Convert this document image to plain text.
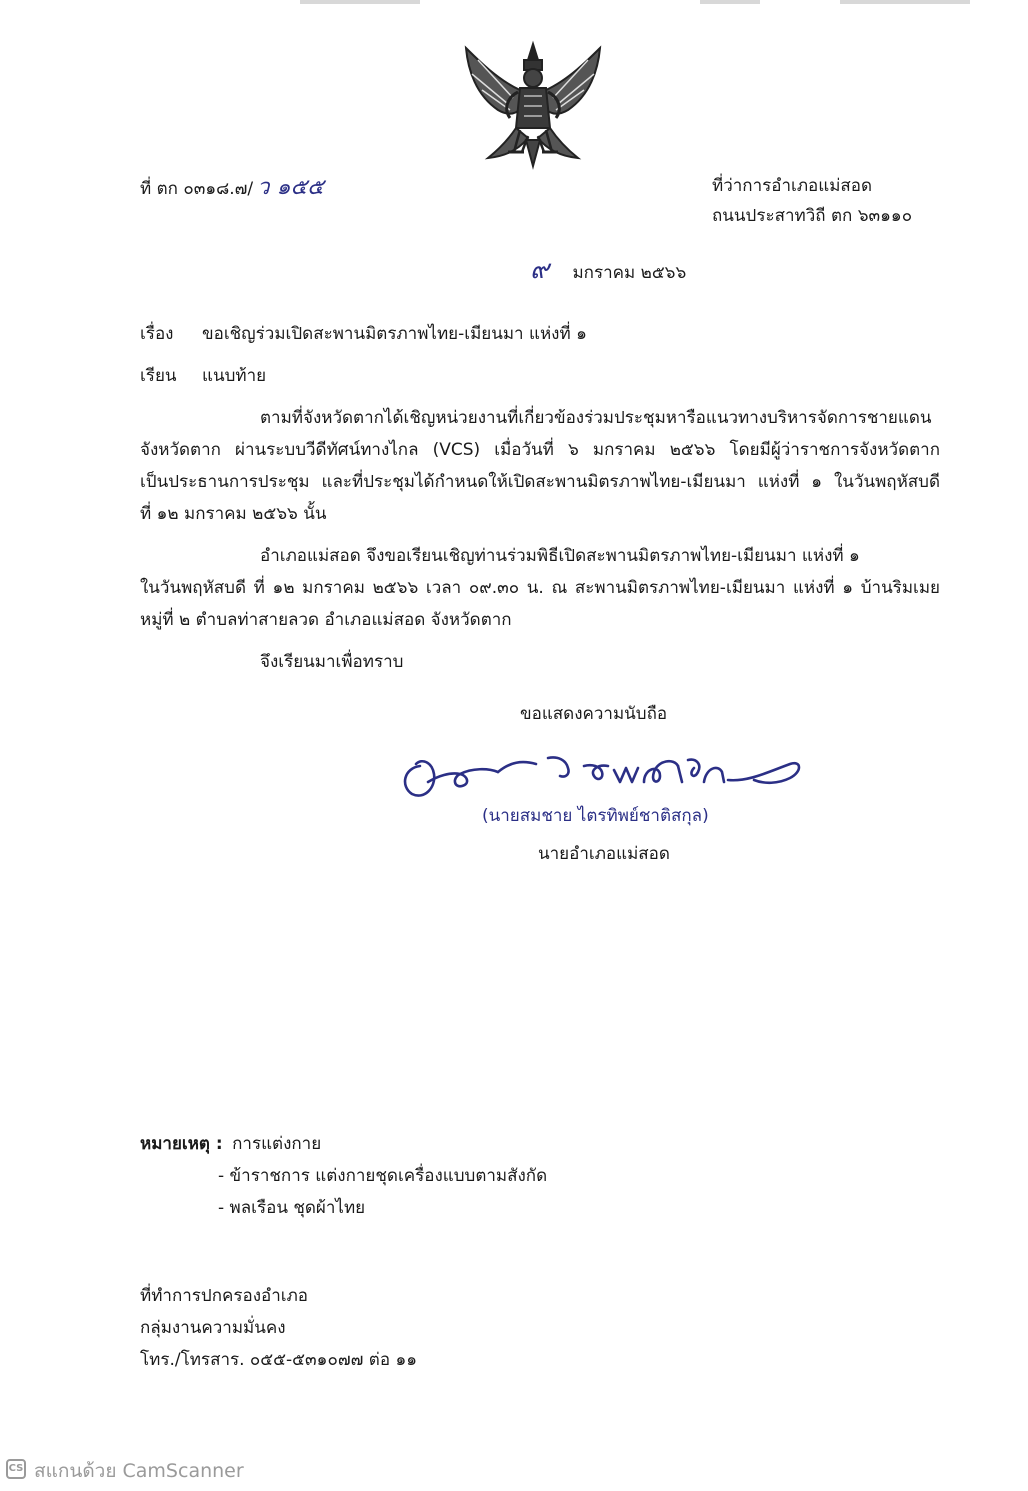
ที่ ตก ๐๓๑๘.๗/ ว ๑๕๕	ที่ว่าการอำเภอแม่สอด
ถนนประสาทวิถี ตก ๖๓๑๑๐
๙ มกราคม ๒๕๖๖
เรื่อง ขอเชิญร่วมเปิดสะพานมิตรภาพไทย-เมียนมา แห่งที่ ๑
เรียน แนบท้าย
ตามที่จังหวัดตากได้เชิญหน่วยงานที่เกี่ยวข้องร่วมประชุมหารือแนวทางบริหารจัดการชายแดน
จังหวัดตาก ผ่านระบบวีดีทัศน์ทางไกล (VCS) เมื่อวันที่ ๖ มกราคม ๒๕๖๖ โดยมีผู้ว่าราชการจังหวัดตาก
เป็นประธานการประชุม และที่ประชุมได้กำหนดให้เปิดสะพานมิตรภาพไทย-เมียนมา แห่งที่ ๑ ในวันพฤหัสบดี
ที่ ๑๒ มกราคม ๒๕๖๖ นั้น
อำเภอแม่สอด จึงขอเรียนเชิญท่านร่วมพิธีเปิดสะพานมิตรภาพไทย-เมียนมา แห่งที่ ๑
ในวันพฤหัสบดี ที่ ๑๒ มกราคม ๒๕๖๖ เวลา ๐๙.๓๐ น. ณ สะพานมิตรภาพไทย-เมียนมา แห่งที่ ๑ บ้านริมเมย
หมู่ที่ ๒ ตำบลท่าสายลวด อำเภอแม่สอด จังหวัดตาก
จึงเรียนมาเพื่อทราบ
ขอแสดงความนับถือ
(นายสมชาย ไตรทิพย์ชาติสกุล)
นายอำเภอแม่สอด
หมายเหตุ : การแต่งกาย
- ข้าราชการ แต่งกายชุดเครื่องแบบตามสังกัด
- พลเรือน ชุดผ้าไทย
ที่ทำการปกครองอำเภอ
กลุ่มงานความมั่นคง
โทร./โทรสาร. ๐๕๕-๕๓๑๐๗๗ ต่อ ๑๑
CS สแกนด้วย CamScanner
